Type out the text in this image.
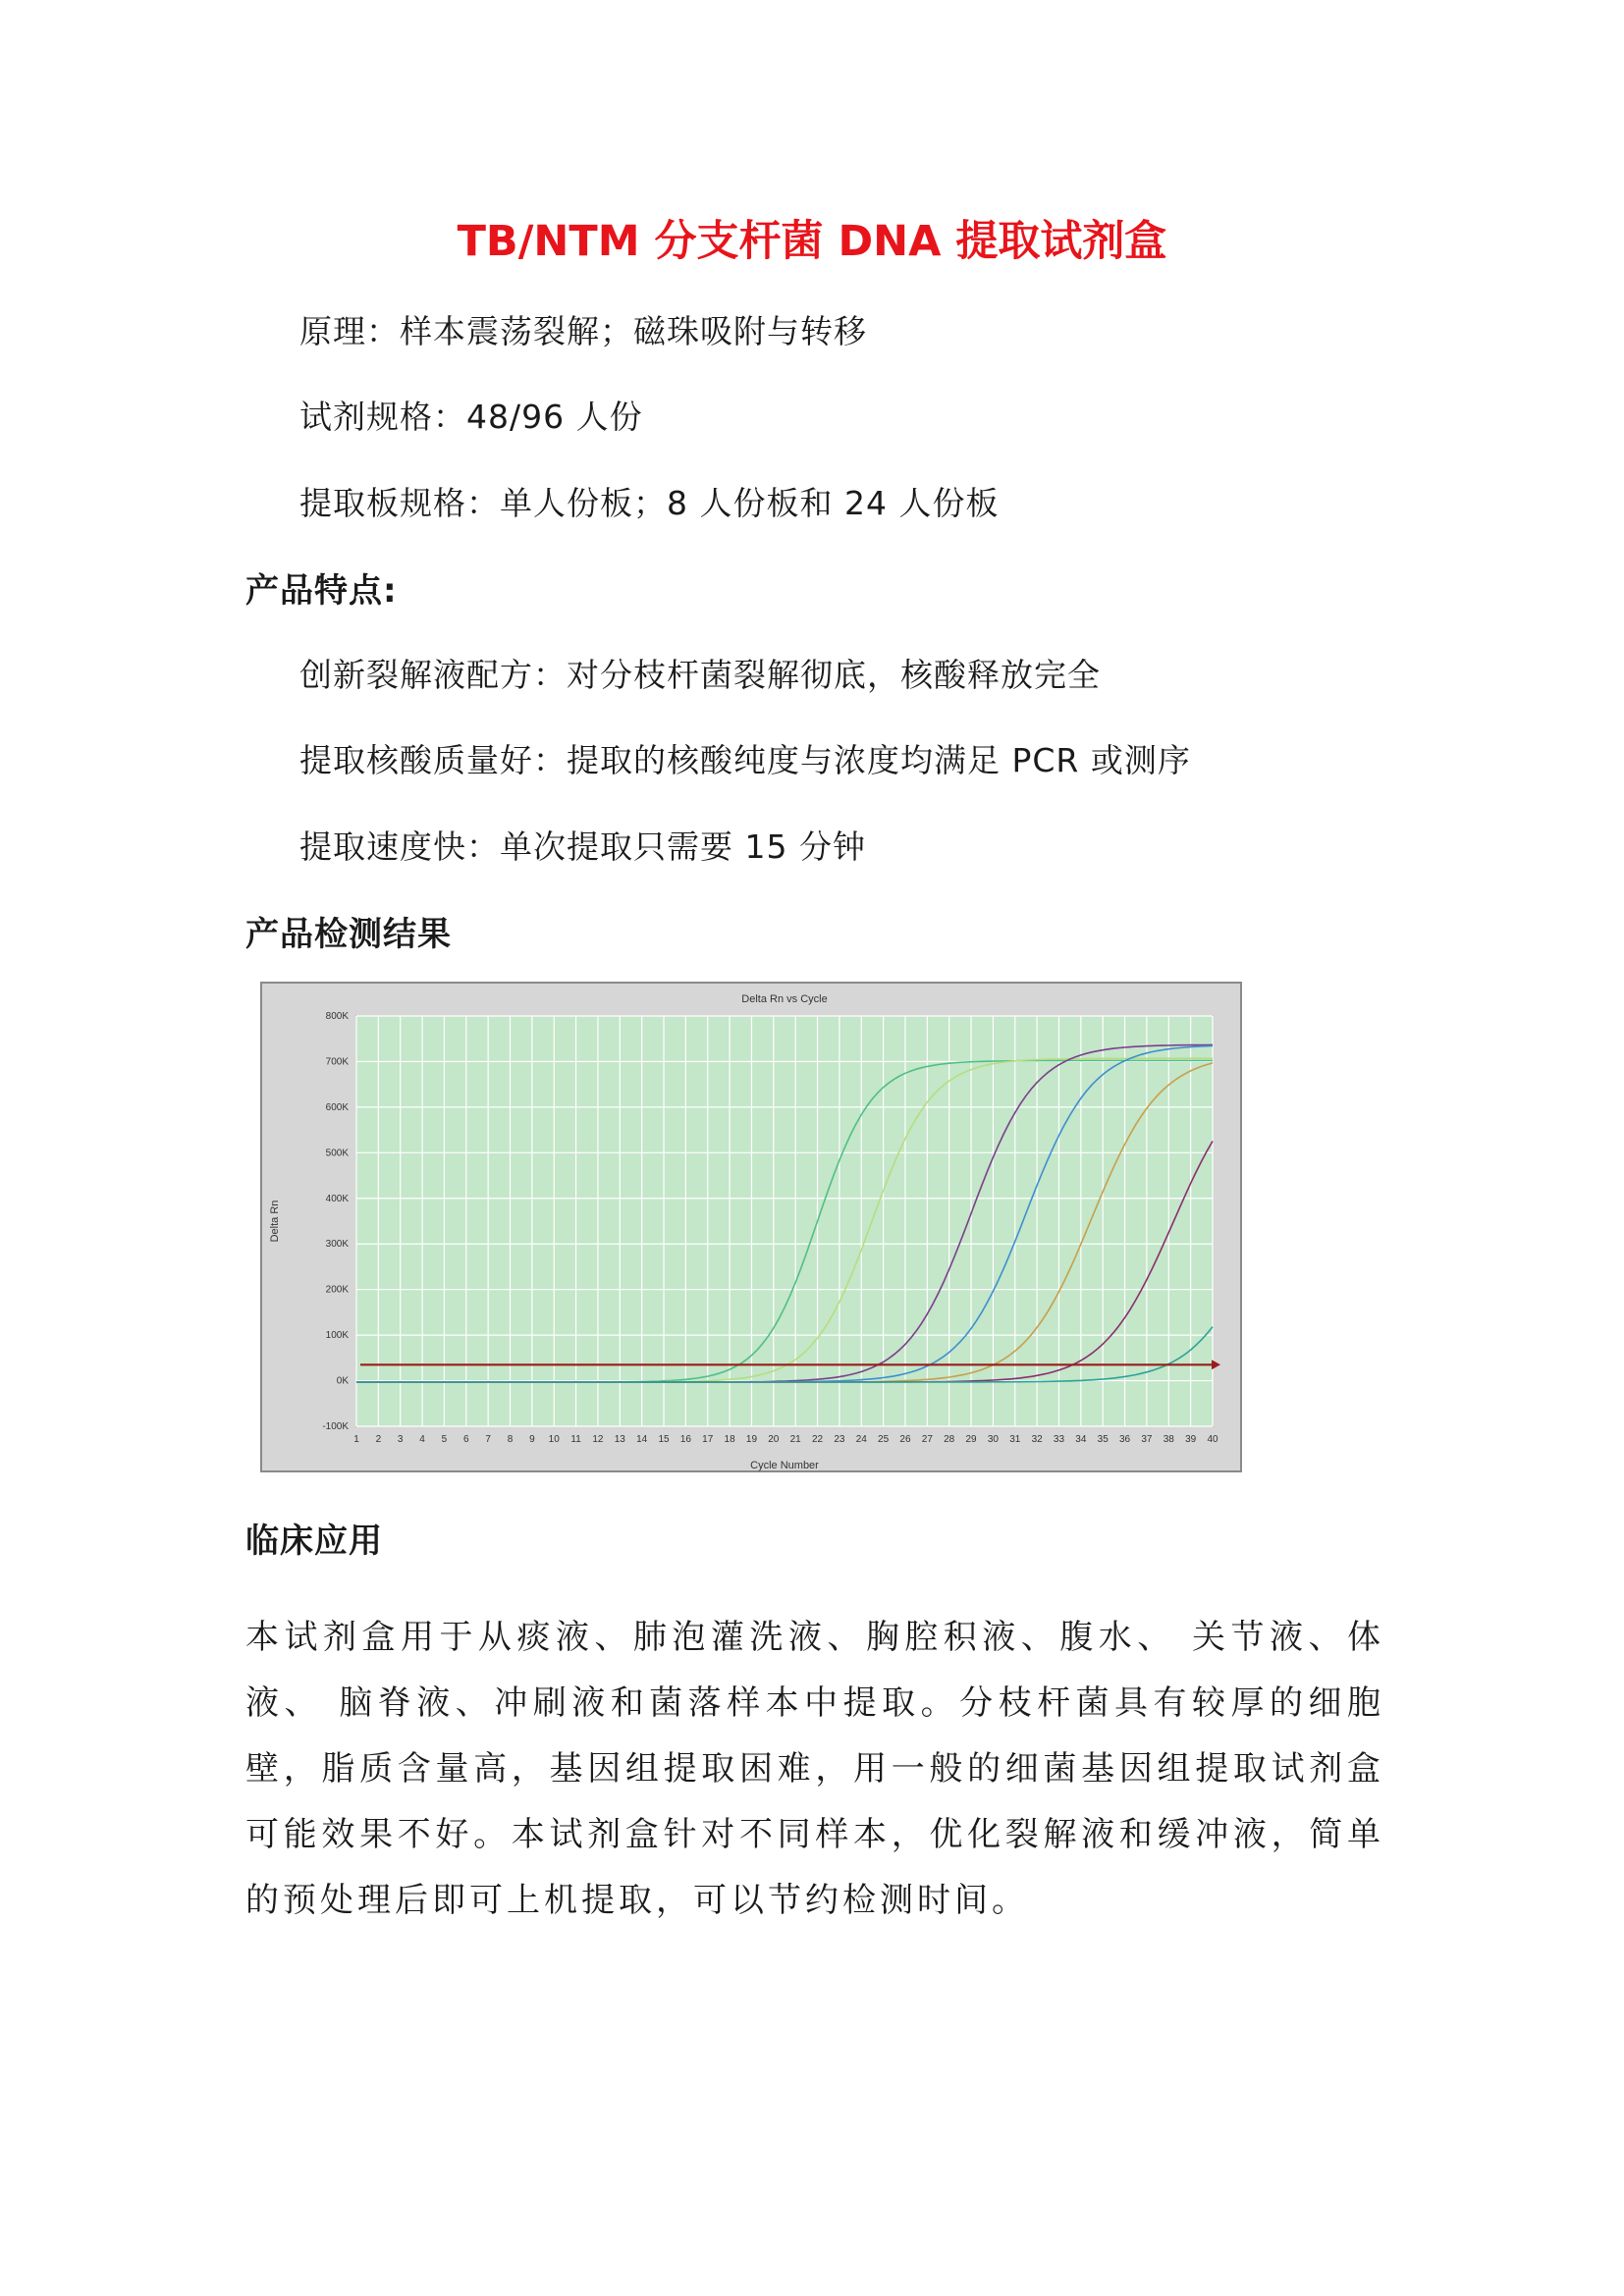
TB/NTM 分支杆菌 DNA 提取试剂盒

原理：样本震荡裂解；磁珠吸附与转移

试剂规格：48/96 人份

提取板规格：单人份板；8 人份板和 24 人份板

产品特点:

创新裂解液配方：对分枝杆菌裂解彻底，核酸释放完全

提取核酸质量好：提取的核酸纯度与浓度均满足 PCR 或测序

提取速度快：单次提取只需要 15 分钟

产品检测结果
1 2 3 4 5 6 7 8 9 10 11 12 13 14 15 16 17 18 19 20 21 22 23 24 25 26 27 28 29 30 31 32 33 34 35 36 37 38 39 40
-100K
0K
100K
200K
300K
400K
500K
600K
700K
800K
Delta Rn vs Cycle
Cycle Number
Delta Rn
临床应用

本试剂盒用于从痰液、肺泡灌洗液、胸腔积液、腹水、 关节液、体液、 脑脊液、冲刷液和菌落样本中提取。分枝杆菌具有较厚的细胞壁，脂质含量高，基因组提取困难，用一般的细菌基因组提取试剂盒可能效果不好。本试剂盒针对不同样本，优化裂解液和缓冲液，简单的预处理后即可上机提取，可以节约检测时间。
